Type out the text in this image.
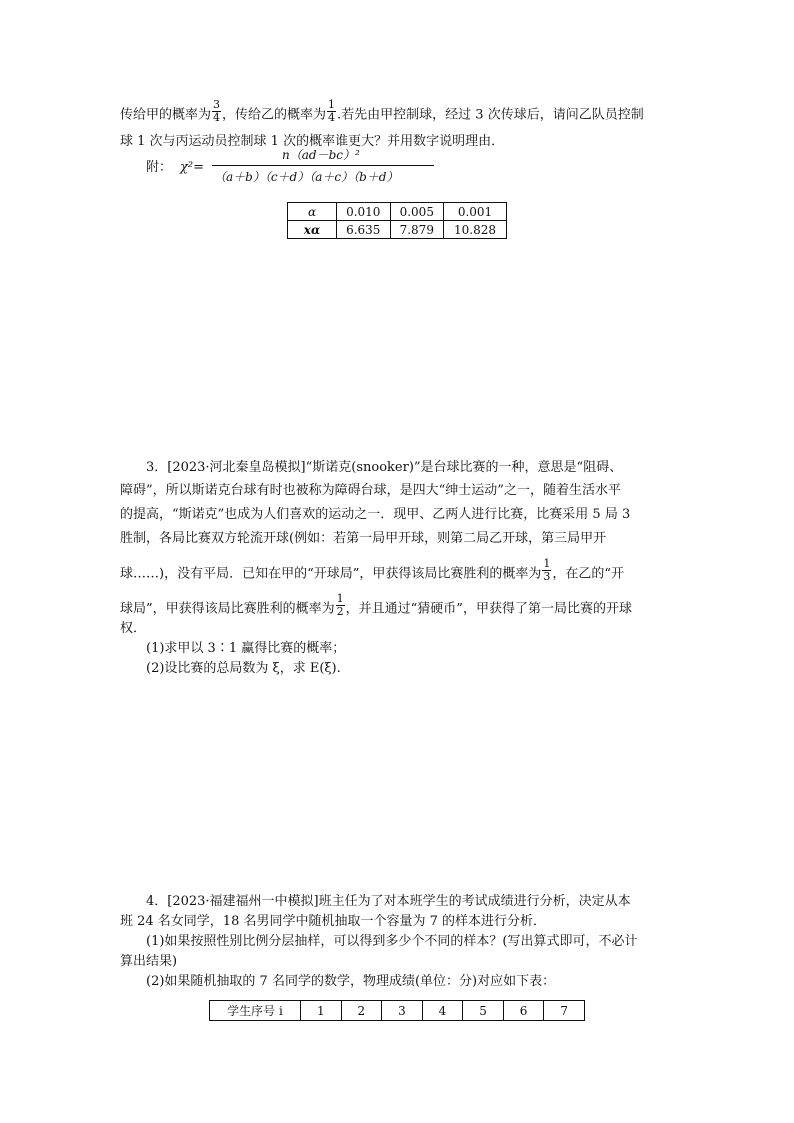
传给甲的概率为 $\frac{3}{4}$ ，传给乙的概率为 $\frac{1}{4}$ .若先由甲控制球，经过 3 次传球后，请问乙队员控制
球 1 次与丙运动员控制球 1 次的概率谁更大？并用数字说明理由．
附： χ²=
n（ad－bc）²
（a＋b）（c＋d）（a＋c）（b＋d）
α	0.010	0.005	0.001
xα	6.635	7.879	10.828
3．[2023·河北秦皇岛模拟]“斯诺克(snooker)”是台球比赛的一种，意思是“阻碍、
障碍”，所以斯诺克台球有时也被称为障碍台球，是四大“绅士运动”之一，随着生活水平
的提高，“斯诺克”也成为人们喜欢的运动之一．现甲、乙两人进行比赛，比赛采用 5 局 3
胜制，各局比赛双方轮流开球(例如：若第一局甲开球，则第二局乙开球，第三局甲开
球……)，没有平局．已知在甲的“开球局”，甲获得该局比赛胜利的概率为 $\frac{1}{3}$ ，在乙的“开
球局”，甲获得该局比赛胜利的概率为 $\frac{1}{2}$ ，并且通过“猜硬币”，甲获得了第一局比赛的开球
权．
(1)求甲以 3∶1 赢得比赛的概率；
(2)设比赛的总局数为 ξ，求 E(ξ).
4．[2023·福建福州一中模拟]班主任为了对本班学生的考试成绩进行分析，决定从本
班 24 名女同学，18 名男同学中随机抽取一个容量为 7 的样本进行分析．
(1)如果按照性别比例分层抽样，可以得到多少个不同的样本？(写出算式即可，不必计
算出结果)
(2)如果随机抽取的 7 名同学的数学，物理成绩(单位：分)对应如下表：
学生序号 i	1	2	3	4	5	6	7
